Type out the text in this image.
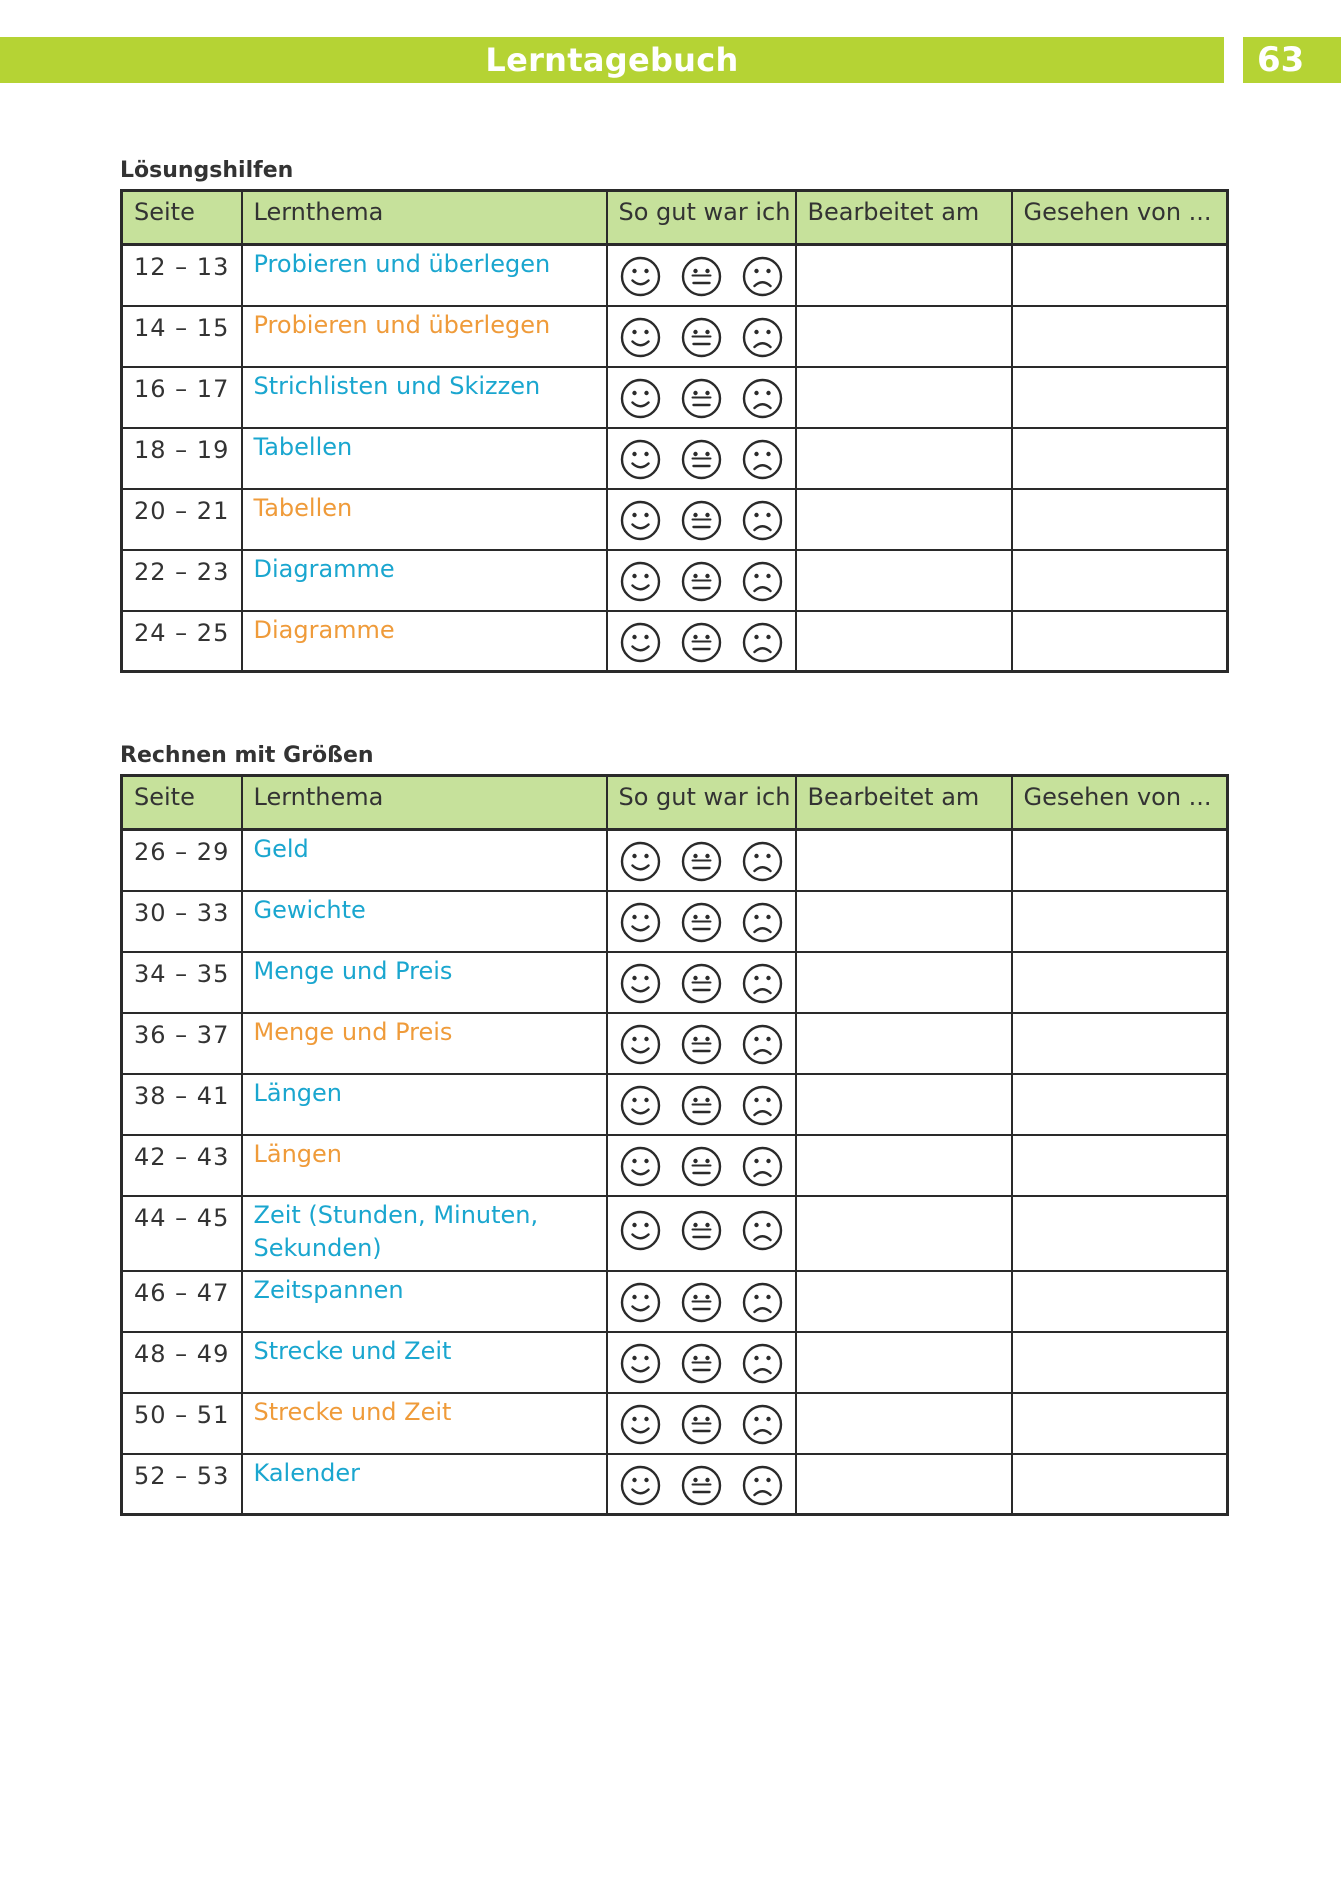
Lerntagebuch	63
Lösungshilfen
Seite	Lernthema	So gut war ich	Bearbeitet am	Gesehen von ...
12 – 13	Probieren und überlegen	

14 – 15	Probieren und überlegen	

16 – 17	Strichlisten und Skizzen	

18 – 19	Tabellen	

20 – 21	Tabellen	

22 – 23	Diagramme	

24 – 25	Diagramme	

Rechnen mit Größen
Seite	Lernthema	So gut war ich	Bearbeitet am	Gesehen von ...
26 – 29	Geld	

30 – 33	Gewichte	

34 – 35	Menge und Preis	

36 – 37	Menge und Preis	

38 – 41	Längen	

42 – 43	Längen	

44 – 45	Zeit (Stunden, Minuten, Sekunden)	

46 – 47	Zeitspannen	

48 – 49	Strecke und Zeit	

50 – 51	Strecke und Zeit	

52 – 53	Kalender	
